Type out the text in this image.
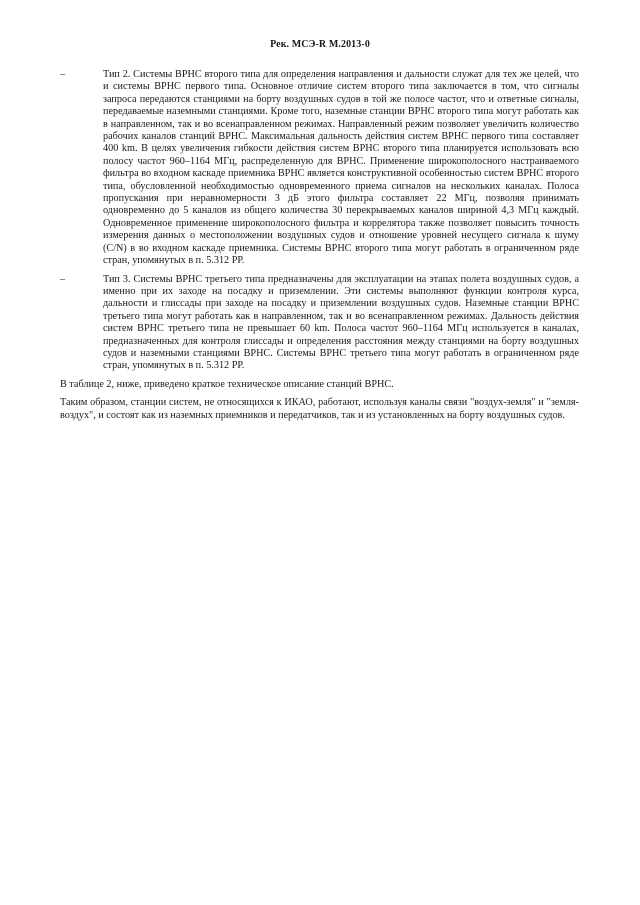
Рек. МСЭ-R M.2013-0
–	Тип 2. Системы ВРНС второго типа для определения направления и дальности служат для тех же целей, что и системы ВРНС первого типа. Основное отличие систем второго типа заключается в том, что сигналы запроса передаются станциями на борту воздушных судов в той же полосе частот, что и ответные сигналы, передаваемые наземными станциями. Кроме того, наземные станции ВРНС второго типа могут работать как в направленном, так и во всенаправленном режимах. Направленный режим позволяет увеличить количество рабочих каналов станций ВРНС. Максимальная дальность действия систем ВРНС первого типа составляет 400 km. В целях увеличения гибкости действия систем ВРНС второго типа планируется использовать всю полосу частот 960–1164 МГц, распределенную для ВРНС. Применение широкополосного настраиваемого фильтра во входном каскаде приемника ВРНС является конструктивной особенностью систем ВРНС второго типа, обусловленной необходимостью одновременного приема сигналов на нескольких каналах. Полоса пропускания при неравномерности 3 дБ этого фильтра составляет 22 МГц, позволяя принимать одновременно до 5 каналов из общего количества 30 перекрываемых каналов шириной 4,3 МГц каждый. Одновременное применение широкополосного фильтра и коррелятора также позволяет повысить точность измерения данных о местоположении воздушных судов и отношение уровней несущего сигнала к шуму (C/N) в во входном каскаде приемника. Системы ВРНС второго типа могут работать в ограниченном ряде стран, упомянутых в п. 5.312 РР.
–	Тип 3. Системы ВРНС третьего типа предназначены для эксплуатации на этапах полета воздушных судов, а именно при их заходе на посадку и приземлении. Эти системы выполняют функции контроля курса, дальности и глиссады при заходе на посадку и приземлении воздушных судов. Наземные станции ВРНС третьего типа могут работать как в направленном, так и во всенаправленном режимах. Дальность действия систем ВРНС третьего типа не превышает 60 km. Полоса частот 960–1164 МГц используется в каналах, предназначенных для контроля глиссады и определения расстояния между станциями на борту воздушных судов и наземными станциями ВРНС. Системы ВРНС третьего типа могут работать в ограниченном ряде стран, упомянутых в п. 5.312 РР.

В таблице 2, ниже, приведено краткое техническое описание станций ВРНС.

Таким образом, станции систем, не относящихся к ИКАО, работают, используя каналы связи "воздух-земля" и "земля-воздух", и состоят как из наземных приемников и передатчиков, так и из установленных на борту воздушных судов.
